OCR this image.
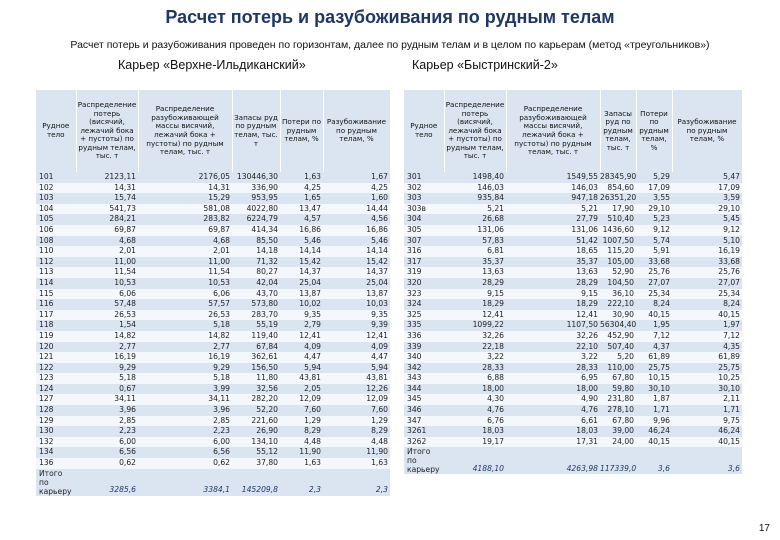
Расчет потерь и разубоживания по рудным телам
Расчет потерь и разубоживания проведен по горизонтам, далее по рудным телам и в целом по карьерам (метод «треугольников»)
Карьер «Верхне-Ильдиканский»	Карьер «Быстринский-2»
Рудное тело	Распределение потерь (висячий, лежачий бока + пустоты) по рудным телам, тыс. т	Распределение разубоживающей массы висячий, лежачий бока + пустоты) по рудным телам, тыс. т	Запасы руд по рудным телам, тыс. т	Потери по рудным телам, %	Разубоживание по рудным телам, %
101	2123,11	2176,05	130446,30	1,63	1,67
102	14,31	14,31	336,90	4,25	4,25
103	15,74	15,29	953,95	1,65	1,60
104	541,73	581,08	4022,80	13,47	14,44
105	284,21	283,82	6224,79	4,57	4,56
106	69,87	69,87	414,34	16,86	16,86
108	4,68	4,68	85,50	5,46	5,46
110	2,01	2,01	14,18	14,14	14,14
112	11,00	11,00	71,32	15,42	15,42
113	11,54	11,54	80,27	14,37	14,37
114	10,53	10,53	42,04	25,04	25,04
115	6,06	6,06	43,70	13,87	13,87
116	57,48	57,57	573,80	10,02	10,03
117	26,53	26,53	283,70	9,35	9,35
118	1,54	5,18	55,19	2,79	9,39
119	14,82	14,82	119,40	12,41	12,41
120	2,77	2,77	67,84	4,09	4,09
121	16,19	16,19	362,61	4,47	4,47
122	9,29	9,29	156,50	5,94	5,94
123	5,18	5,18	11,80	43,81	43,81
124	0,67	3,99	32,56	2,05	12,26
127	34,11	34,11	282,20	12,09	12,09
128	3,96	3,96	52,20	7,60	7,60
129	2,85	2,85	221,60	1,29	1,29
130	2,23	2,23	26,90	8,29	8,29
132	6,00	6,00	134,10	4,48	4,48
134	6,56	6,56	55,12	11,90	11,90
136	0,62	0,62	37,80	1,63	1,63
Итого по карьеру	3285,6	3384,1	145209,8	2,3	2,3
Рудное тело	Распределение потерь (висячий, лежачий бока + пустоты) по рудным телам, тыс. т	Распределение разубоживающей массы висячий, лежачий бока + пустоты) по рудным телам, тыс. т	Запасы руд по рудным телам, тыс. т	Потери по рудным телам, %	Разубоживание по рудным телам, %
301	1498,40	1549,55	28345,90	5,29	5,47
302	146,03	146,03	854,60	17,09	17,09
303	935,84	947,18	26351,20	3,55	3,59
303в	5,21	5,21	17,90	29,10	29,10
304	26,68	27,79	510,40	5,23	5,45
305	131,06	131,06	1436,60	9,12	9,12
307	57,83	51,42	1007,50	5,74	5,10
316	6,81	18,65	115,20	5,91	16,19
317	35,37	35,37	105,00	33,68	33,68
319	13,63	13,63	52,90	25,76	25,76
320	28,29	28,29	104,50	27,07	27,07
323	9,15	9,15	36,10	25,34	25,34
324	18,29	18,29	222,10	8,24	8,24
325	12,41	12,41	30,90	40,15	40,15
335	1099,22	1107,50	56304,40	1,95	1,97
336	32,26	32,26	452,90	7,12	7,12
339	22,18	22,10	507,40	4,37	4,35
340	3,22	3,22	5,20	61,89	61,89
342	28,33	28,33	110,00	25,75	25,75
343	6,88	6,95	67,80	10,15	10,25
344	18,00	18,00	59,80	30,10	30,10
345	4,30	4,90	231,80	1,87	2,11
346	4,76	4,76	278,10	1,71	1,71
347	6,76	6,61	67,80	9,96	9,75
3261	18,03	18,03	39,00	46,24	46,24
3262	19,17	17,31	24,00	40,15	40,15
Итого по карьеру	4188,10	4263,98	117339,0	3,6	3,6
17
